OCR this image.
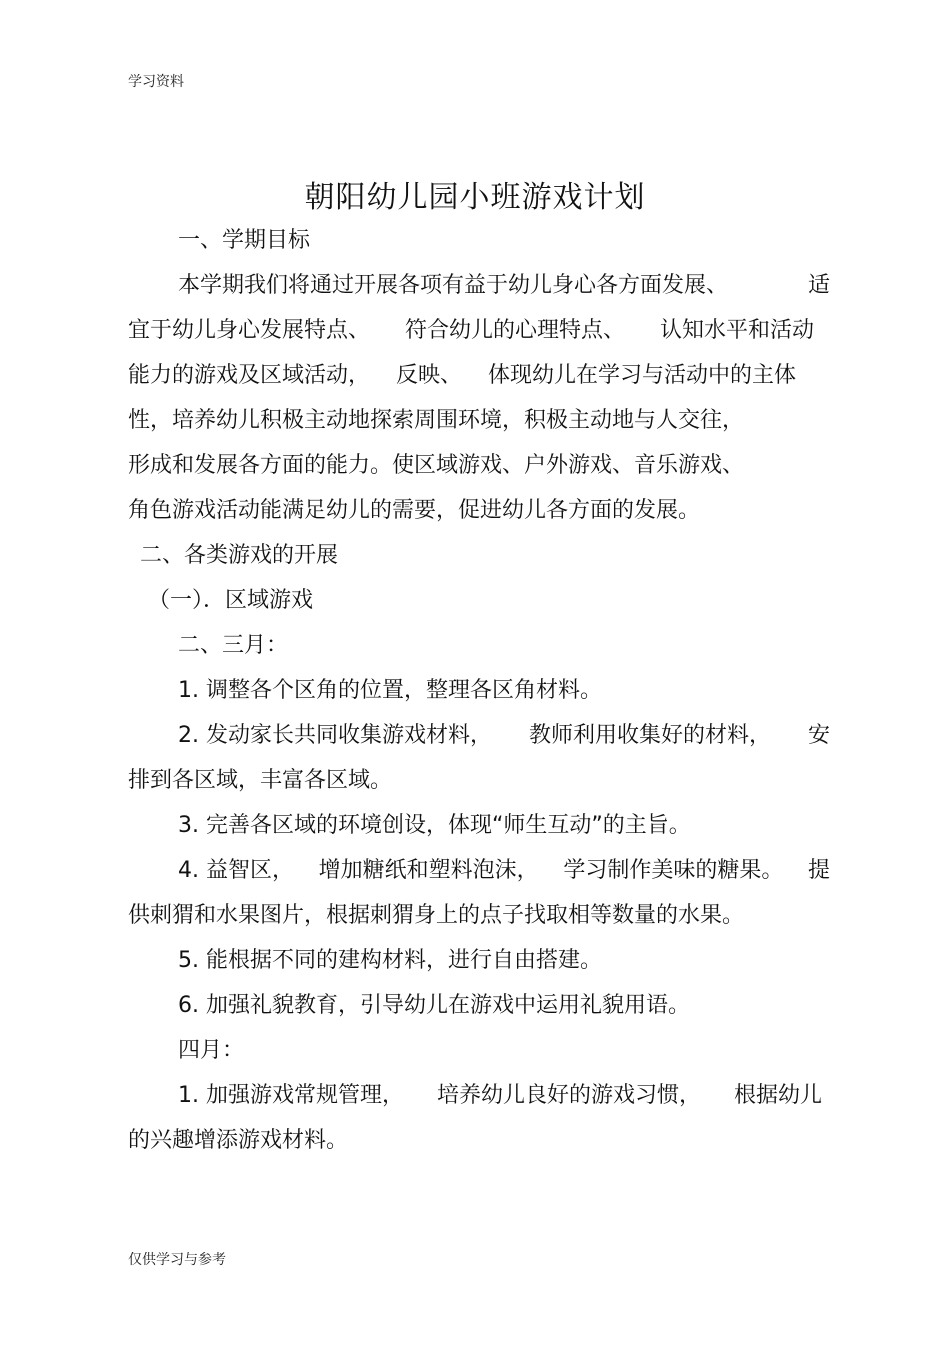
学习资料
朝阳幼儿园小班游戏计划
一、学期目标
本学期我们将通过开展各项有益于幼儿身心各方面发展、	适
宜于幼儿身心发展特点、 符合幼儿的心理特点、 认知水平和活动
能力的游戏及区域活动， 反映、 体现幼儿在学习与活动中的主体
性，培养幼儿积极主动地探索周围环境，积极主动地与人交往，
形成和发展各方面的能力。使区域游戏、户外游戏、音乐游戏、
角色游戏活动能满足幼儿的需要，促进幼儿各方面的发展。
二、各类游戏的开展
（一）．区域游戏
二、三月：
1. 调整各个区角的位置，整理各区角材料。
2. 发动家长共同收集游戏材料， 教师利用收集好的材料， 安
排到各区域，丰富各区域。
3. 完善各区域的环境创设，体现“师生互动”的主旨。
4. 益智区， 增加糖纸和塑料泡沫， 学习制作美味的糖果。 提
供刺猬和水果图片，根据刺猬身上的点子找取相等数量的水果。
5. 能根据不同的建构材料，进行自由搭建。
6. 加强礼貌教育，引导幼儿在游戏中运用礼貌用语。
四月：
1. 加强游戏常规管理， 培养幼儿良好的游戏习惯， 根据幼儿
的兴趣增添游戏材料。
仅供学习与参考
